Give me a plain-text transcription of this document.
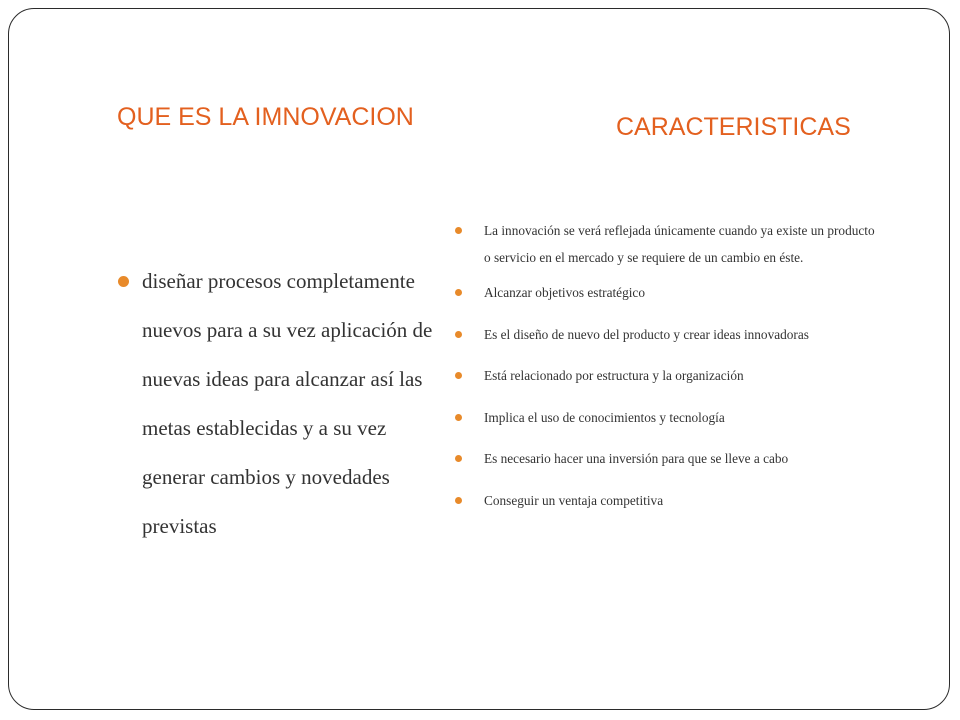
QUE ES LA IMNOVACION	CARACTERISTICAS
diseñar procesos completamente nuevos para a su vez aplicación de nuevas ideas para alcanzar así las metas establecidas y a su vez generar cambios y novedades previstas
La innovación se verá reflejada únicamente cuando ya existe un producto o servicio en el mercado y se requiere de un cambio en éste.
Alcanzar objetivos estratégico
Es el diseño de nuevo del producto y crear ideas innovadoras
Está relacionado por estructura y la organización
Implica el uso de conocimientos y tecnología
Es necesario hacer una inversión para que se lleve a cabo
Conseguir un ventaja competitiva
